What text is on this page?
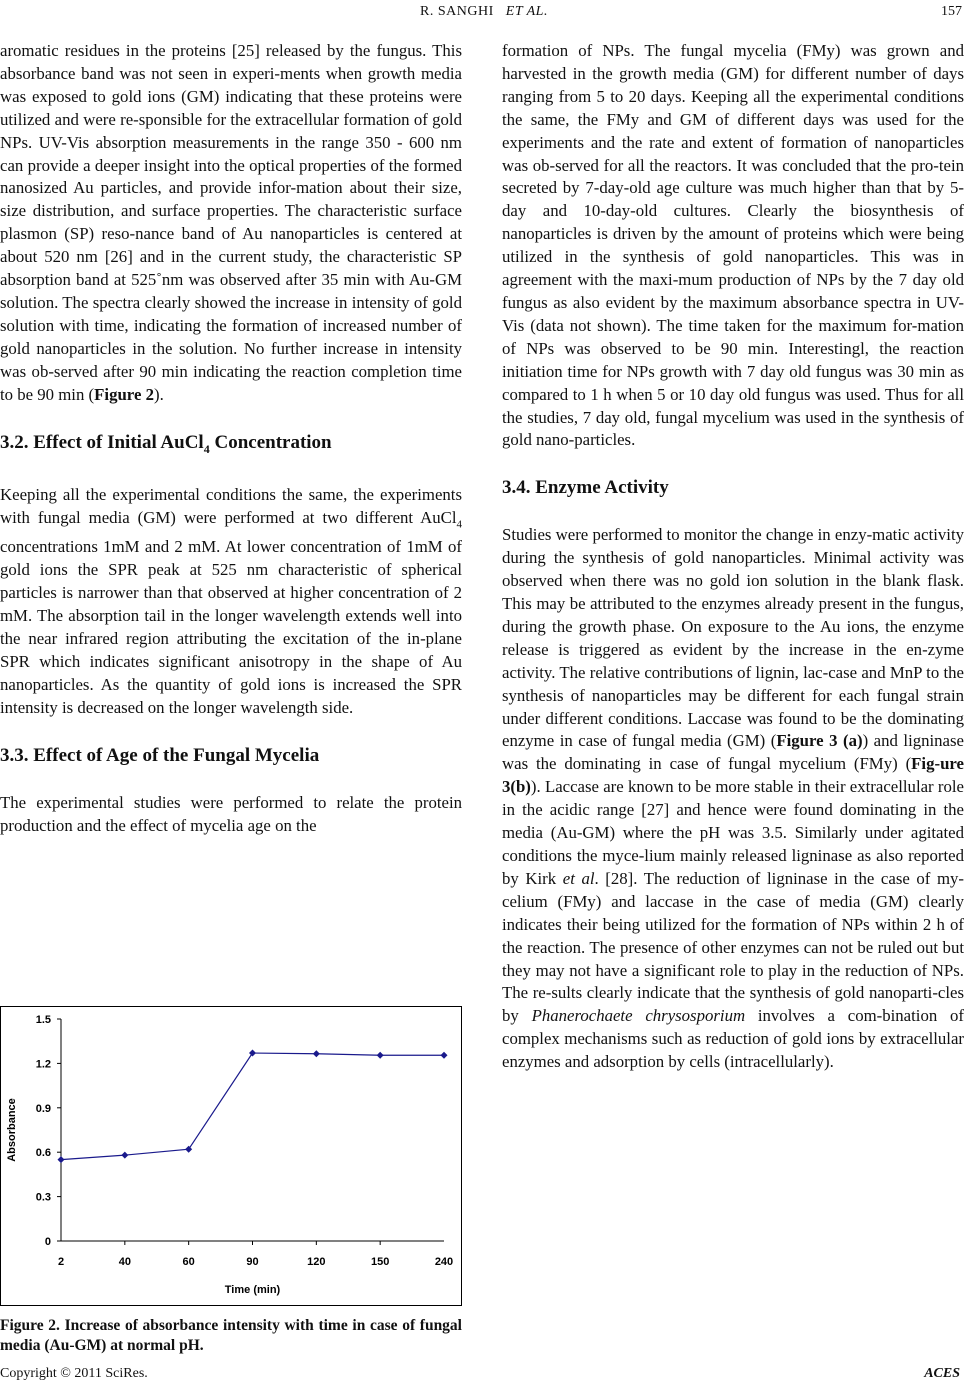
R. SANGHI ET AL.	157

aromatic residues in the proteins [25] released by the fungus. This absorbance band was not seen in experi-ments when growth media was exposed to gold ions (GM) indicating that these proteins were utilized and were re-sponsible for the extracellular formation of gold NPs. UV-Vis absorption measurements in the range 350 - 600 nm can provide a deeper insight into the optical properties of the formed nanosized Au particles, and provide infor-mation about their size, size distribution, and surface properties. The characteristic surface plasmon (SP) reso-nance band of Au nanoparticles is centered at about 520 nm [26] and in the current study, the characteristic SP absorption band at 525˚nm was observed after 35 min with Au-GM solution. The spectra clearly showed the increase in intensity of gold solution with time, indicating the formation of increased number of gold nanoparticles in the solution. No further increase in intensity was ob-served after 90 min indicating the reaction completion time to be 90 min (Figure 2).

3.2. Effect of Initial AuCl$_4$ Concentration

Keeping all the experimental conditions the same, the experiments with fungal media (GM) were performed at two different AuCl$_4$ concentrations 1mM and 2 mM. At lower concentration of 1mM of gold ions the SPR peak at 525 nm characteristic of spherical particles is narrower than that observed at higher concentration of 2 mM. The absorption tail in the longer wavelength extends well into the near infrared region attributing the excitation of the in-plane SPR which indicates significant anisotropy in the shape of Au nanoparticles. As the quantity of gold ions is increased the SPR intensity is decreased on the longer wavelength side.

3.3. Effect of Age of the Fungal Mycelia

The experimental studies were performed to relate the protein production and the effect of mycelia age on the

0
0.3
0.6
0.9
1.2
1.5
2	40	60	90	120	150	240
Time (min)
Absorbance
Figure 2. Increase of absorbance intensity with time in case of fungal media (Au-GM) at normal pH.

formation of NPs. The fungal mycelia (FMy) was grown and harvested in the growth media (GM) for different number of days ranging from 5 to 20 days. Keeping all the experimental conditions the same, the FMy and GM of different days was used for the experiments and the rate and extent of formation of nanoparticles was ob-served for all the reactors. It was concluded that the pro-tein secreted by 7-day-old age culture was much higher than that by 5-day and 10-day-old cultures. Clearly the biosynthesis of nanoparticles is driven by the amount of proteins which were being utilized in the synthesis of gold nanoparticles. This was in agreement with the maxi-mum production of NPs by the 7 day old fungus as also evident by the maximum absorbance spectra in UV-Vis (data not shown). The time taken for the maximum for-mation of NPs was observed to be 90 min. Interestingl, the reaction initiation time for NPs growth with 7 day old fungus was 30 min as compared to 1 h when 5 or 10 day old fungus was used. Thus for all the studies, 7 day old, fungal mycelium was used in the synthesis of gold nano-particles.

3.4. Enzyme Activity

Studies were performed to monitor the change in enzy-matic activity during the synthesis of gold nanoparticles. Minimal activity was observed when there was no gold ion solution in the blank flask. This may be attributed to the enzymes already present in the fungus, during the growth phase. On exposure to the Au ions, the enzyme release is triggered as evident by the increase in the en-zyme activity. The relative contributions of lignin, lac-case and MnP to the synthesis of nanoparticles may be different for each fungal strain under different conditions. Laccase was found to be the dominating enzyme in case of fungal media (GM) (Figure 3 (a)) and ligninase was the dominating in case of fungal mycelium (FMy) (Fig-ure 3(b)). Laccase are known to be more stable in their extracellular role in the acidic range [27] and hence were found dominating in the media (Au-GM) where the pH was 3.5. Similarly under agitated conditions the myce-lium mainly released ligninase as also reported by Kirk et al. [28]. The reduction of ligninase in the case of my-celium (FMy) and laccase in the case of media (GM) clearly indicates their being utilized for the formation of NPs within 2 h of the reaction. The presence of other enzymes can not be ruled out but they may not have a significant role to play in the reduction of NPs. The re-sults clearly indicate that the synthesis of gold nanoparti-cles by Phanerochaete chrysosporium involves a com-bination of complex mechanisms such as reduction of gold ions by extracellular enzymes and adsorption by cells (intracellularly).

Copyright © 2011 SciRes.	ACES
